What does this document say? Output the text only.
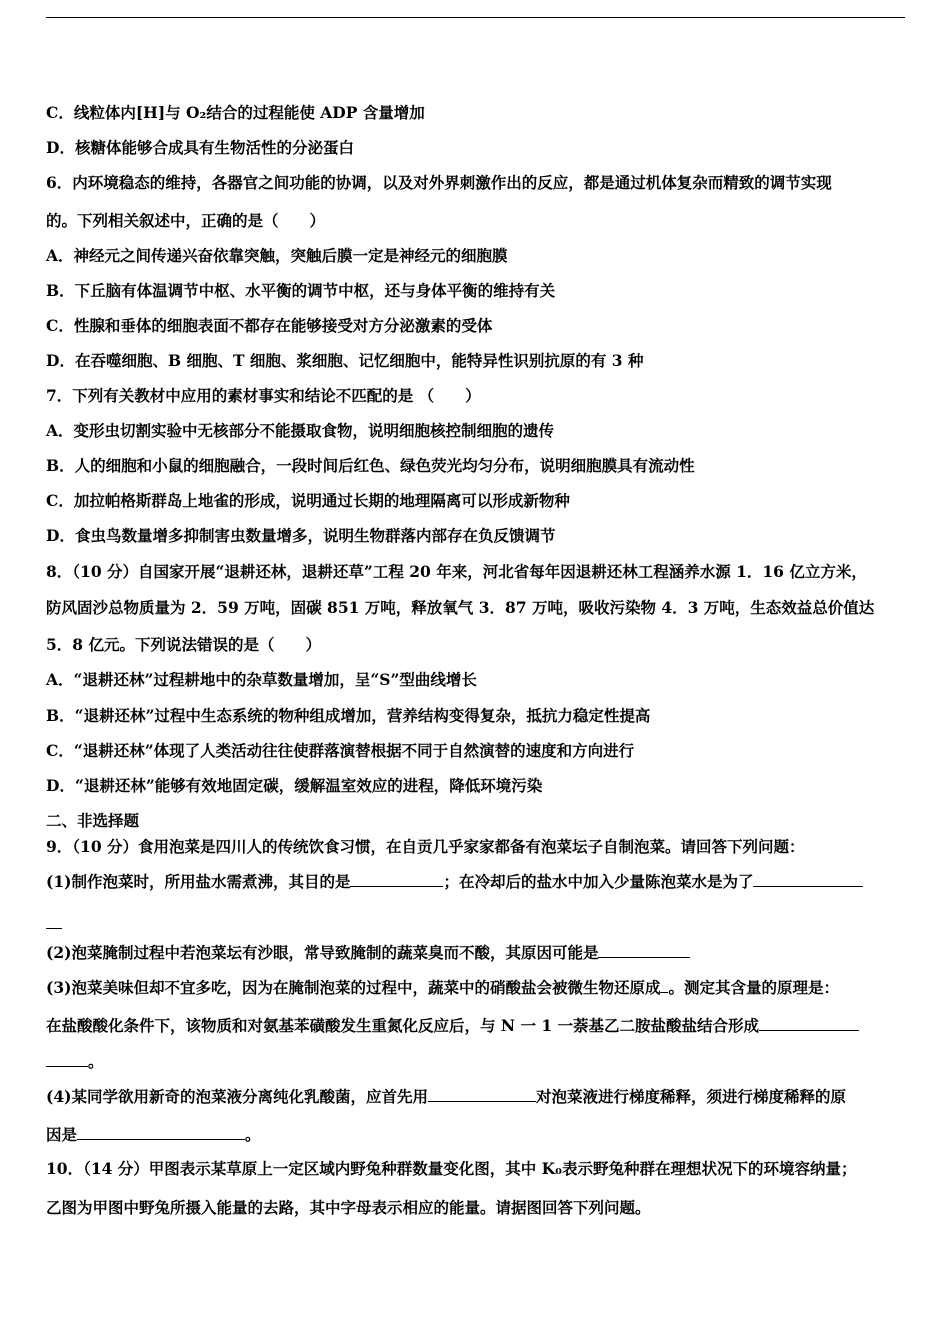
C．线粒体内[H]与 O₂结合的过程能使 ADP 含量增加
D．核糖体能够合成具有生物活性的分泌蛋白
6．内环境稳态的维持，各器官之间功能的协调，以及对外界刺激作出的反应，都是通过机体复杂而精致的调节实现
的。下列相关叙述中，正确的是（　　）
A．神经元之间传递兴奋依靠突触，突触后膜一定是神经元的细胞膜
B．下丘脑有体温调节中枢、水平衡的调节中枢，还与身体平衡的维持有关
C．性腺和垂体的细胞表面不都存在能够接受对方分泌激素的受体
D．在吞噬细胞、B 细胞、T 细胞、浆细胞、记忆细胞中，能特异性识别抗原的有 3 种
7．下列有关教材中应用的素材事实和结论不匹配的是 （　　）
A．变形虫切割实验中无核部分不能摄取食物，说明细胞核控制细胞的遗传
B．人的细胞和小鼠的细胞融合，一段时间后红色、绿色荧光均匀分布，说明细胞膜具有流动性
C．加拉帕格斯群岛上地雀的形成，说明通过长期的地理隔离可以形成新物种
D．食虫鸟数量增多抑制害虫数量增多，说明生物群落内部存在负反馈调节
8．（10 分）自国家开展“退耕还林，退耕还草”工程 20 年来，河北省每年因退耕还林工程涵养水源 1．16 亿立方米，
防风固沙总物质量为 2．59 万吨，固碳 851 万吨，释放氧气 3．87 万吨，吸收污染物 4．3 万吨，生态效益总价值达
5．8 亿元。下列说法错误的是（　　）
A．“退耕还林”过程耕地中的杂草数量增加，呈“S”型曲线增长
B．“退耕还林”过程中生态系统的物种组成增加，营养结构变得复杂，抵抗力稳定性提高
C．“退耕还林”体现了人类活动往往使群落演替根据不同于自然演替的速度和方向进行
D．“退耕还林”能够有效地固定碳，缓解温室效应的进程，降低环境污染
二、非选择题
9．（10 分）食用泡菜是四川人的传统饮食习惯，在自贡几乎家家都备有泡菜坛子自制泡菜。请回答下列问题：
(1)制作泡菜时，所用盐水需煮沸，其目的是	；在冷却后的盐水中加入少量陈泡菜水是为了
(2)泡菜腌制过程中若泡菜坛有沙眼，常导致腌制的蔬菜臭而不酸，其原因可能是
(3)泡菜美味但却不宜多吃，因为在腌制泡菜的过程中，蔬菜中的硝酸盐会被微生物还原成 。测定其含量的原理是：
在盐酸酸化条件下，该物质和对氨基苯磺酸发生重氮化反应后，与 N 一 1 一萘基乙二胺盐酸盐结合形成
。
(4)某同学欲用新奇的泡菜液分离纯化乳酸菌，应首先用	对泡菜液进行梯度稀释，须进行梯度稀释的原
因是	。
10．（14 分）甲图表示某草原上一定区域内野兔种群数量变化图，其中 K₀表示野兔种群在理想状况下的环境容纳量；
乙图为甲图中野兔所摄入能量的去路，其中字母表示相应的能量。请据图回答下列问题。
